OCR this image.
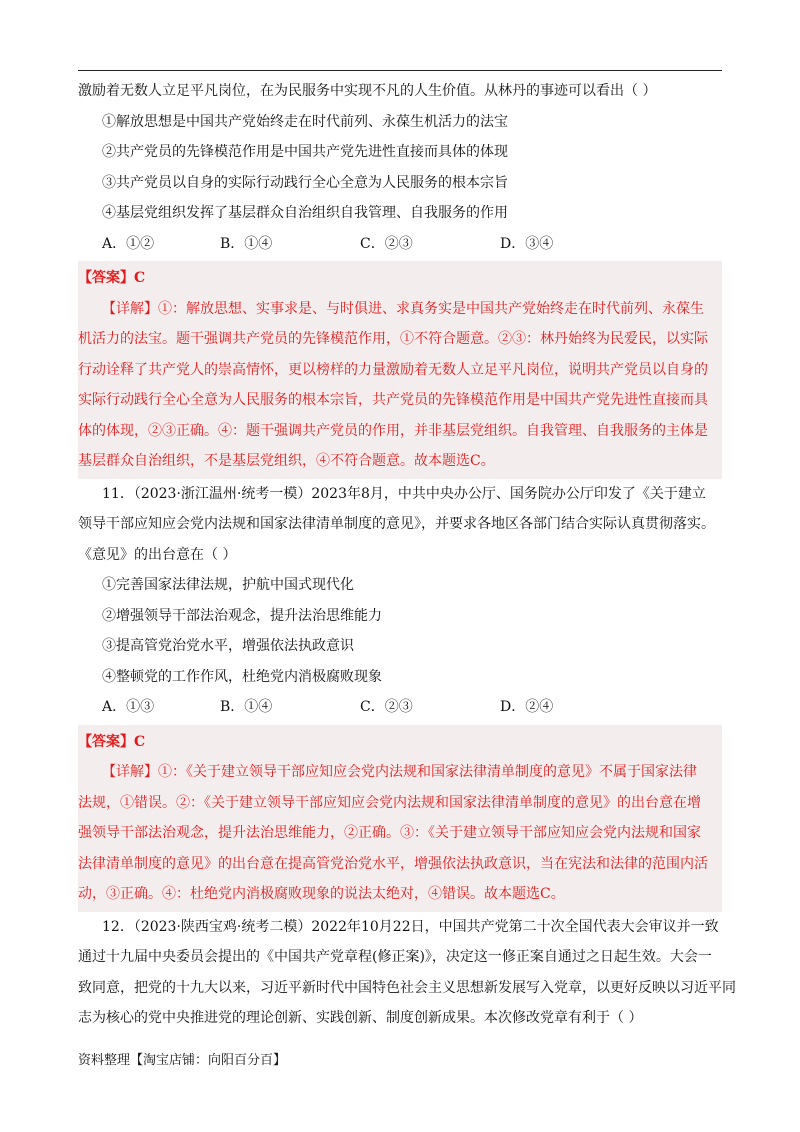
激励着无数人立足平凡岗位，在为民服务中实现不凡的人生价值。从林丹的事迹可以看出（ ）
①解放思想是中国共产党始终走在时代前列、永葆生机活力的法宝
②共产党员的先锋模范作用是中国共产党先进性直接而具体的体现
③共产党员以自身的实际行动践行全心全意为人民服务的根本宗旨
④基层党组织发挥了基层群众自治组织自我管理、自我服务的作用
A．①②	B．①④	C．②③	D．③④
【答案】C
【详解】①：解放思想、实事求是、与时俱进、求真务实是中国共产党始终走在时代前列、永葆生
机活力的法宝。题干强调共产党员的先锋模范作用，①不符合题意。②③：林丹始终为民爱民，以实际
行动诠释了共产党人的崇高情怀，更以榜样的力量激励着无数人立足平凡岗位，说明共产党员以自身的
实际行动践行全心全意为人民服务的根本宗旨，共产党员的先锋模范作用是中国共产党先进性直接而具
体的体现，②③正确。④：题干强调共产党员的作用，并非基层党组织。自我管理、自我服务的主体是
基层群众自治组织，不是基层党组织，④不符合题意。故本题选C。
11．（2023·浙江温州·统考一模）2023年8月，中共中央办公厅、国务院办公厅印发了《关于建立
领导干部应知应会党内法规和国家法律清单制度的意见》，并要求各地区各部门结合实际认真贯彻落实。
《意见》的出台意在（ ）
①完善国家法律法规，护航中国式现代化
②增强领导干部法治观念，提升法治思维能力
③提高管党治党水平，增强依法执政意识
④整顿党的工作作风，杜绝党内消极腐败现象
A．①③	B．①④	C．②③	D．②④
【答案】C
【详解】①：《关于建立领导干部应知应会党内法规和国家法律清单制度的意见》不属于国家法律
法规，①错误。②：《关于建立领导干部应知应会党内法规和国家法律清单制度的意见》的出台意在增
强领导干部法治观念，提升法治思维能力，②正确。③：《关于建立领导干部应知应会党内法规和国家
法律清单制度的意见》的出台意在提高管党治党水平，增强依法执政意识，当在宪法和法律的范围内活
动，③正确。④：杜绝党内消极腐败现象的说法太绝对，④错误。故本题选C。
12．（2023·陕西宝鸡·统考二模）2022年10月22日，中国共产党第二十次全国代表大会审议并一致
通过十九届中央委员会提出的《中国共产党章程(修正案)》，决定这一修正案自通过之日起生效。大会一
致同意，把党的十九大以来，习近平新时代中国特色社会主义思想新发展写入党章，以更好反映以习近平同
志为核心的党中央推进党的理论创新、实践创新、制度创新成果。本次修改党章有利于（ ）
资料整理【淘宝店铺：向阳百分百】
